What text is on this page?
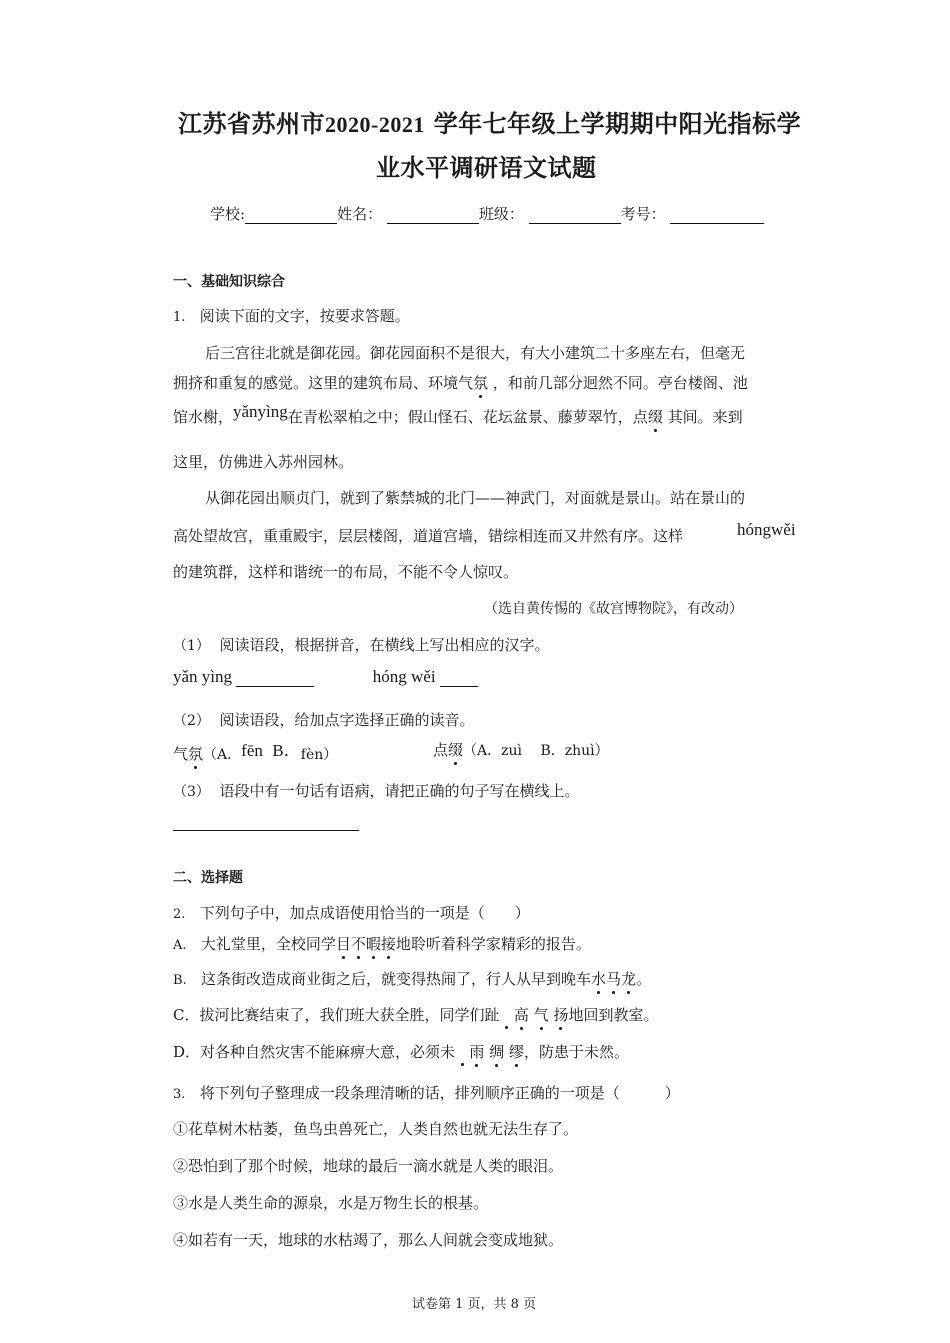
江苏省苏州市2020-2021 学年七年级上学期期中阳光指标学
业水平调研语文试题
学校:	姓名：	班级：	考号：
一、基础知识综合
1. 阅读下面的文字，按要求答题。
后三宫往北就是御花园。御花园面积不是很大，有大小建筑二十多座左右，但毫无
拥挤和重复的感觉。这里的建筑布局、环境气氛 ，和前几部分迥然不同。亭台楼阁、池
馆水榭，yǎnyìng在青松翠柏之中；假山怪石、花坛盆景、藤萝翠竹，点缀 其间。来到
这里，仿佛进入苏州园林。
从御花园出顺贞门，就到了紫禁城的北门——神武门，对面就是景山。站在景山的
高处望故宫，重重殿宇，层层楼阁，道道宫墙，错综相连而又井然有序。这样	hóngwěi
的建筑群，这样和谐统一的布局，不能不令人惊叹。
（选自黄传惕的《故宫博物院》，有改动）
（1） 阅读语段，根据拼音，在横线上写出相应的汉字。
yǎn yìng	hóng wěi
（2） 阅读语段，给加点字选择正确的读音。
气氛（A．fēn B．fèn）	点缀（A．zuì　 B．zhuì）
（3） 语段中有一句话有语病，请把正确的句子写在横线上。
二、选择题
2. 下列句子中，加点成语使用恰当的一项是（　　）
A. 大礼堂里，全校同学目不暇接地聆听着科学家精彩的报告。
B. 这条街改造成商业街之后，就变得热闹了，行人从早到晚车水马龙。
C．拔河比赛结束了，我们班大获全胜，同学们趾 高 气 扬地回到教室。
D．对各种自然灾害不能麻痹大意，必须未 雨 绸 缪，防患于未然。
3. 将下列句子整理成一段条理清晰的话，排列顺序正确的一项是（　　　）
①花草树木枯萎，鱼鸟虫兽死亡，人类自然也就无法生存了。
②恐怕到了那个时候，地球的最后一滴水就是人类的眼泪。
③水是人类生命的源泉，水是万物生长的根基。
④如若有一天，地球的水枯竭了，那么人间就会变成地狱。
试卷第 1 页，共 8 页
